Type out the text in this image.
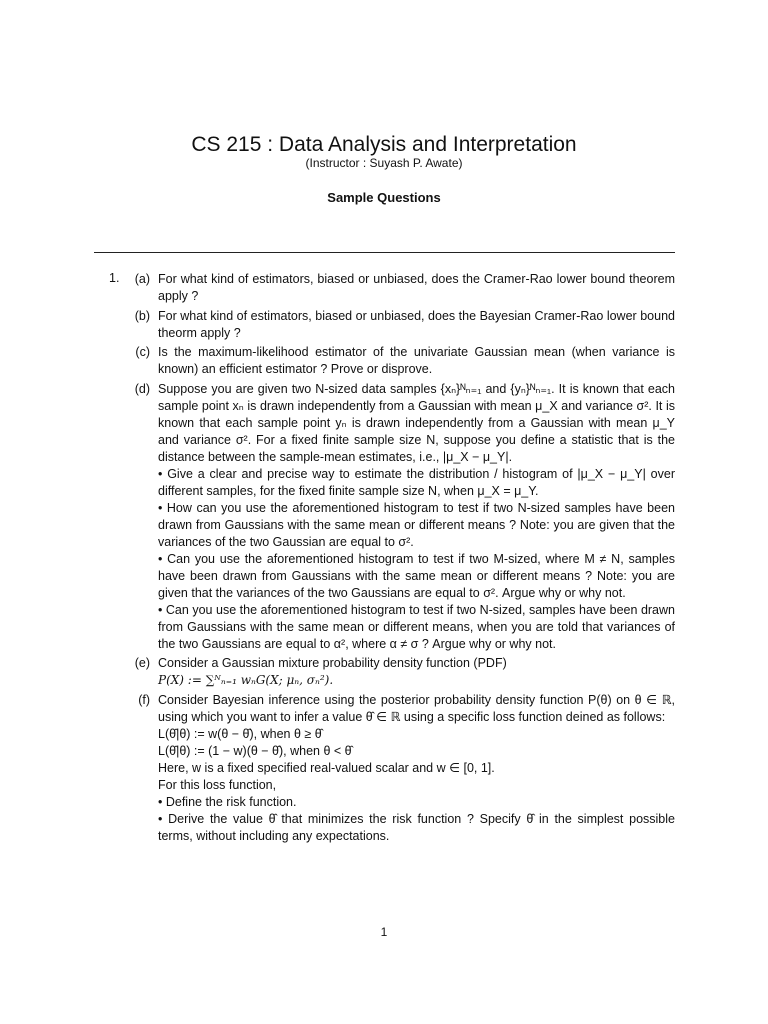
CS 215 : Data Analysis and Interpretation
(Instructor : Suyash P. Awate)
Sample Questions
1.	(a) For what kind of estimators, biased or unbiased, does the Cramer-Rao lower bound theorem apply ?
(b) For what kind of estimators, biased or unbiased, does the Bayesian Cramer-Rao lower bound theorm apply ?
(c) Is the maximum-likelihood estimator of the univariate Gaussian mean (when variance is known) an efficient estimator ? Prove or disprove.
(d) Suppose you are given two N-sized data samples {xₙ}ᴺₙ₌₁ and {yₙ}ᴺₙ₌₁. It is known that each sample point xₙ is drawn independently from a Gaussian with mean μ_X and variance σ². It is known that each sample point yₙ is drawn independently from a Gaussian with mean μ_Y and variance σ². For a fixed finite sample size N, suppose you define a statistic that is the distance between the sample-mean estimates, i.e., |μ_X − μ_Y|.
• Give a clear and precise way to estimate the distribution / histogram of |μ_X − μ_Y| over different samples, for the fixed finite sample size N, when μ_X = μ_Y.
• How can you use the aforementioned histogram to test if two N-sized samples have been drawn from Gaussians with the same mean or different means ? Note: you are given that the variances of the two Gaussian are equal to σ².
• Can you use the aforementioned histogram to test if two M-sized, where M ≠ N, samples have been drawn from Gaussians with the same mean or different means ? Note: you are given that the variances of the two Gaussians are equal to σ². Argue why or why not.
• Can you use the aforementioned histogram to test if two N-sized, samples have been drawn from Gaussians with the same mean or different means, when you are told that variances of the two Gaussians are equal to α², where α ≠ σ ? Argue why or why not.
(e) Consider a Gaussian mixture probability density function (PDF)
P(X) := ∑ᴺₙ₌₁ wₙG(X; μₙ, σₙ²).
(f) Consider Bayesian inference using the posterior probability density function P(θ) on θ ∈ ℝ, using which you want to infer a value θ̂ ∈ ℝ using a specific loss function deined as follows:
L(θ̂|θ) := w(θ − θ̂), when θ ≥ θ̂
L(θ̂|θ) := (1 − w)(θ − θ̂), when θ < θ̂
Here, w is a fixed specified real-valued scalar and w ∈ [0, 1].
For this loss function,
• Define the risk function.
• Derive the value θ̂ that minimizes the risk function ? Specify θ̂ in the simplest possible terms, without including any expectations.
1
